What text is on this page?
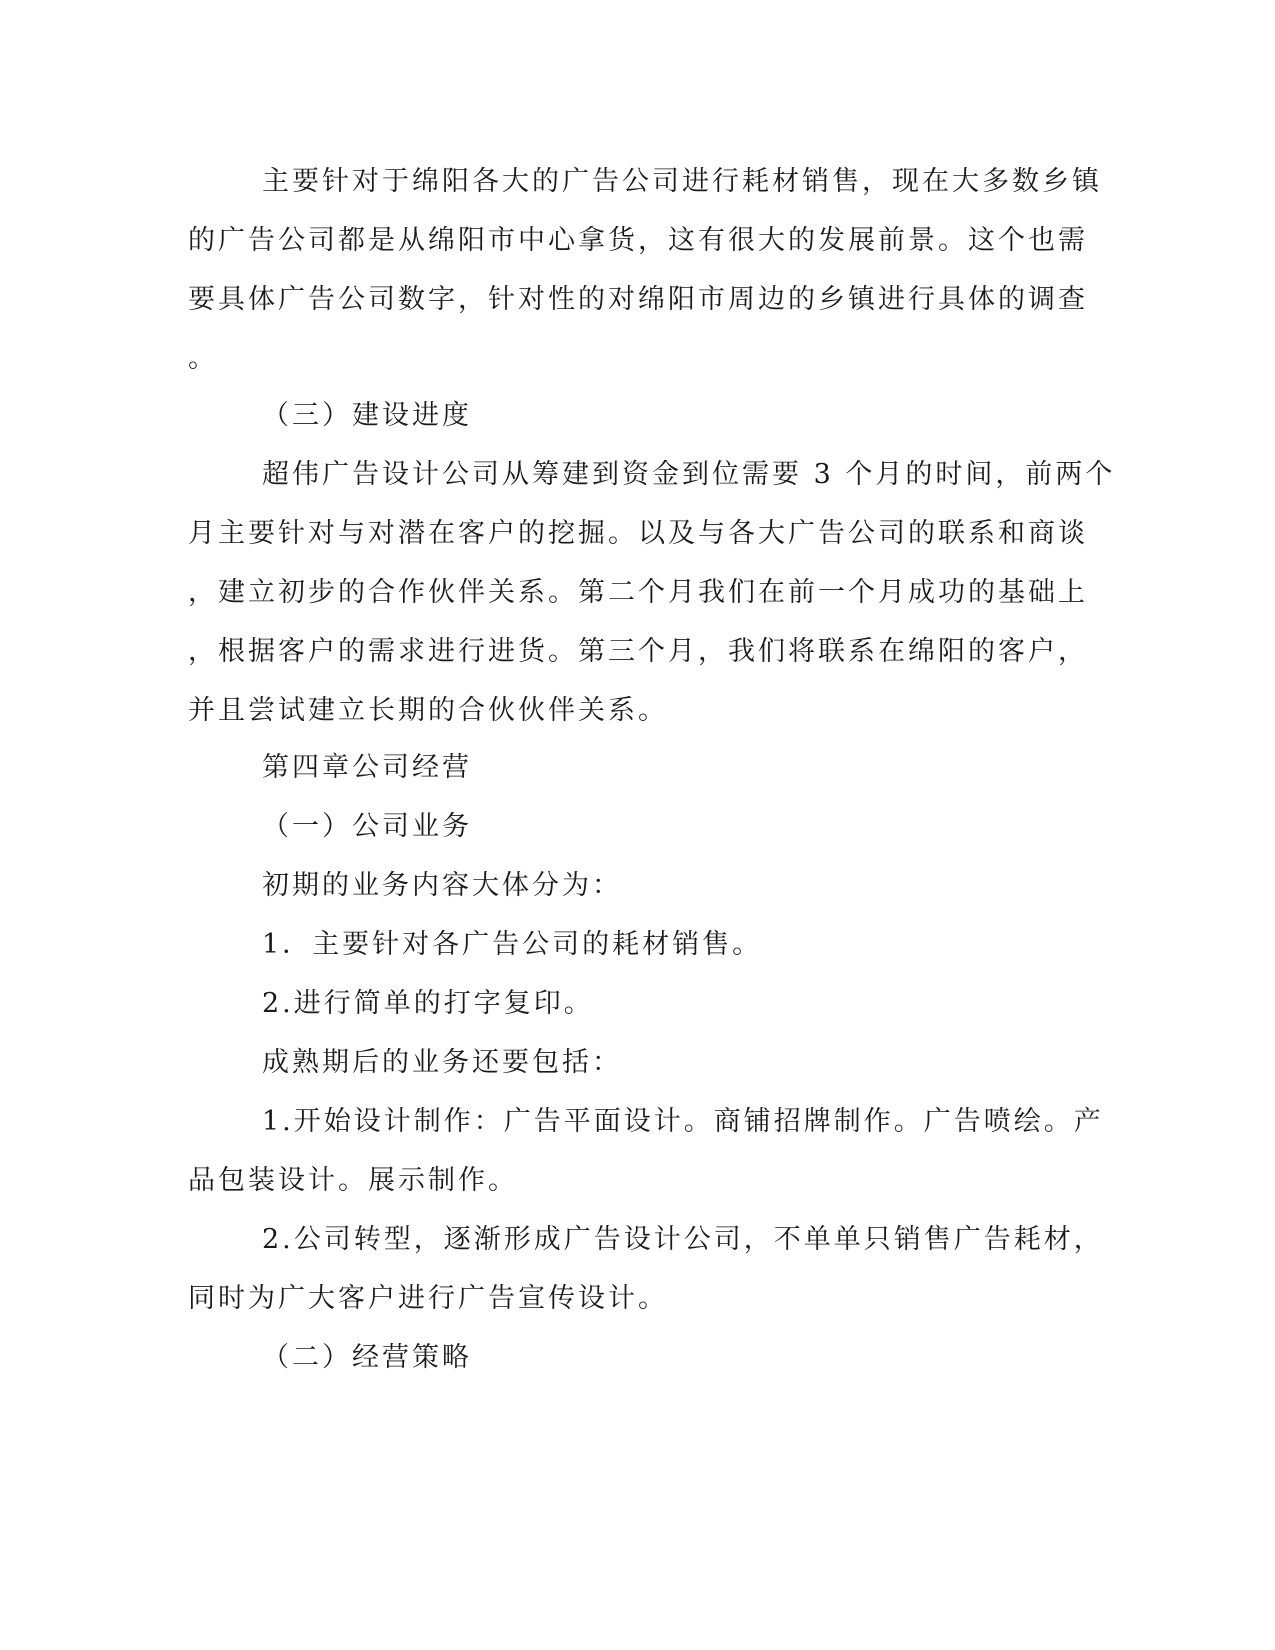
主要针对于绵阳各大的广告公司进行耗材销售，现在大多数乡镇
的广告公司都是从绵阳市中心拿货，这有很大的发展前景。这个也需
要具体广告公司数字，针对性的对绵阳市周边的乡镇进行具体的调查
。
（三）建设进度
超伟广告设计公司从筹建到资金到位需要 3 个月的时间，前两个
月主要针对与对潜在客户的挖掘。以及与各大广告公司的联系和商谈
，建立初步的合作伙伴关系。第二个月我们在前一个月成功的基础上
，根据客户的需求进行进货。第三个月，我们将联系在绵阳的客户，
并且尝试建立长期的合伙伙伴关系。
第四章公司经营
（一）公司业务
初期的业务内容大体分为：
1．主要针对各广告公司的耗材销售。
2.进行简单的打字复印。
成熟期后的业务还要包括：
1.开始设计制作：广告平面设计。商铺招牌制作。广告喷绘。产
品包装设计。展示制作。
2.公司转型，逐渐形成广告设计公司，不单单只销售广告耗材，
同时为广大客户进行广告宣传设计。
（二）经营策略
